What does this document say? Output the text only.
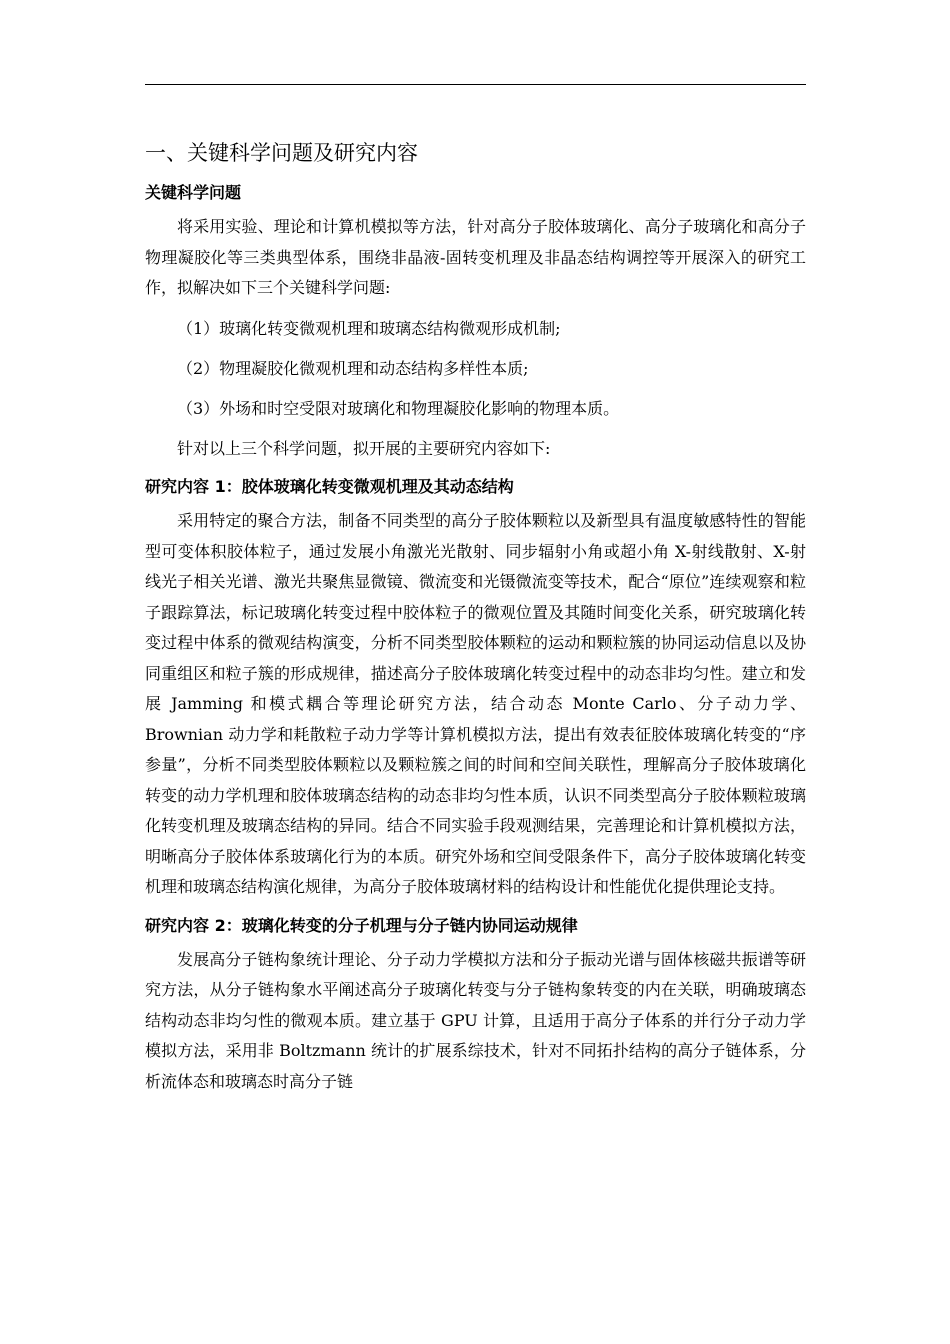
一、关键科学问题及研究内容
关键科学问题

将采用实验、理论和计算机模拟等方法，针对高分子胶体玻璃化、高分子玻璃化和高分子物理凝胶化等三类典型体系，围绕非晶液-固转变机理及非晶态结构调控等开展深入的研究工作，拟解决如下三个关键科学问题:

（1）玻璃化转变微观机理和玻璃态结构微观形成机制;
（2）物理凝胶化微观机理和动态结构多样性本质;
（3）外场和时空受限对玻璃化和物理凝胶化影响的物理本质。

针对以上三个科学问题，拟开展的主要研究内容如下:

研究内容 1：胶体玻璃化转变微观机理及其动态结构

采用特定的聚合方法，制备不同类型的高分子胶体颗粒以及新型具有温度敏感特性的智能型可变体积胶体粒子，通过发展小角激光光散射、同步辐射小角或超小角 X-射线散射、X-射线光子相关光谱、激光共聚焦显微镜、微流变和光镊微流变等技术，配合“原位”连续观察和粒子跟踪算法，标记玻璃化转变过程中胶体粒子的微观位置及其随时间变化关系，研究玻璃化转变过程中体系的微观结构演变，分析不同类型胶体颗粒的运动和颗粒簇的协同运动信息以及协同重组区和粒子簇的形成规律，描述高分子胶体玻璃化转变过程中的动态非均匀性。建立和发展 Jamming 和模式耦合等理论研究方法，结合动态 Monte Carlo、分子动力学、Brownian 动力学和耗散粒子动力学等计算机模拟方法，提出有效表征胶体玻璃化转变的“序参量”，分析不同类型胶体颗粒以及颗粒簇之间的时间和空间关联性，理解高分子胶体玻璃化转变的动力学机理和胶体玻璃态结构的动态非均匀性本质，认识不同类型高分子胶体颗粒玻璃化转变机理及玻璃态结构的异同。结合不同实验手段观测结果，完善理论和计算机模拟方法，明晰高分子胶体体系玻璃化行为的本质。研究外场和空间受限条件下，高分子胶体玻璃化转变机理和玻璃态结构演化规律，为高分子胶体玻璃材料的结构设计和性能优化提供理论支持。

研究内容 2：玻璃化转变的分子机理与分子链内协同运动规律

发展高分子链构象统计理论、分子动力学模拟方法和分子振动光谱与固体核磁共振谱等研究方法，从分子链构象水平阐述高分子玻璃化转变与分子链构象转变的内在关联，明确玻璃态结构动态非均匀性的微观本质。建立基于 GPU 计算，且适用于高分子体系的并行分子动力学模拟方法，采用非 Boltzmann 统计的扩展系综技术，针对不同拓扑结构的高分子链体系，分析流体态和玻璃态时高分子链
